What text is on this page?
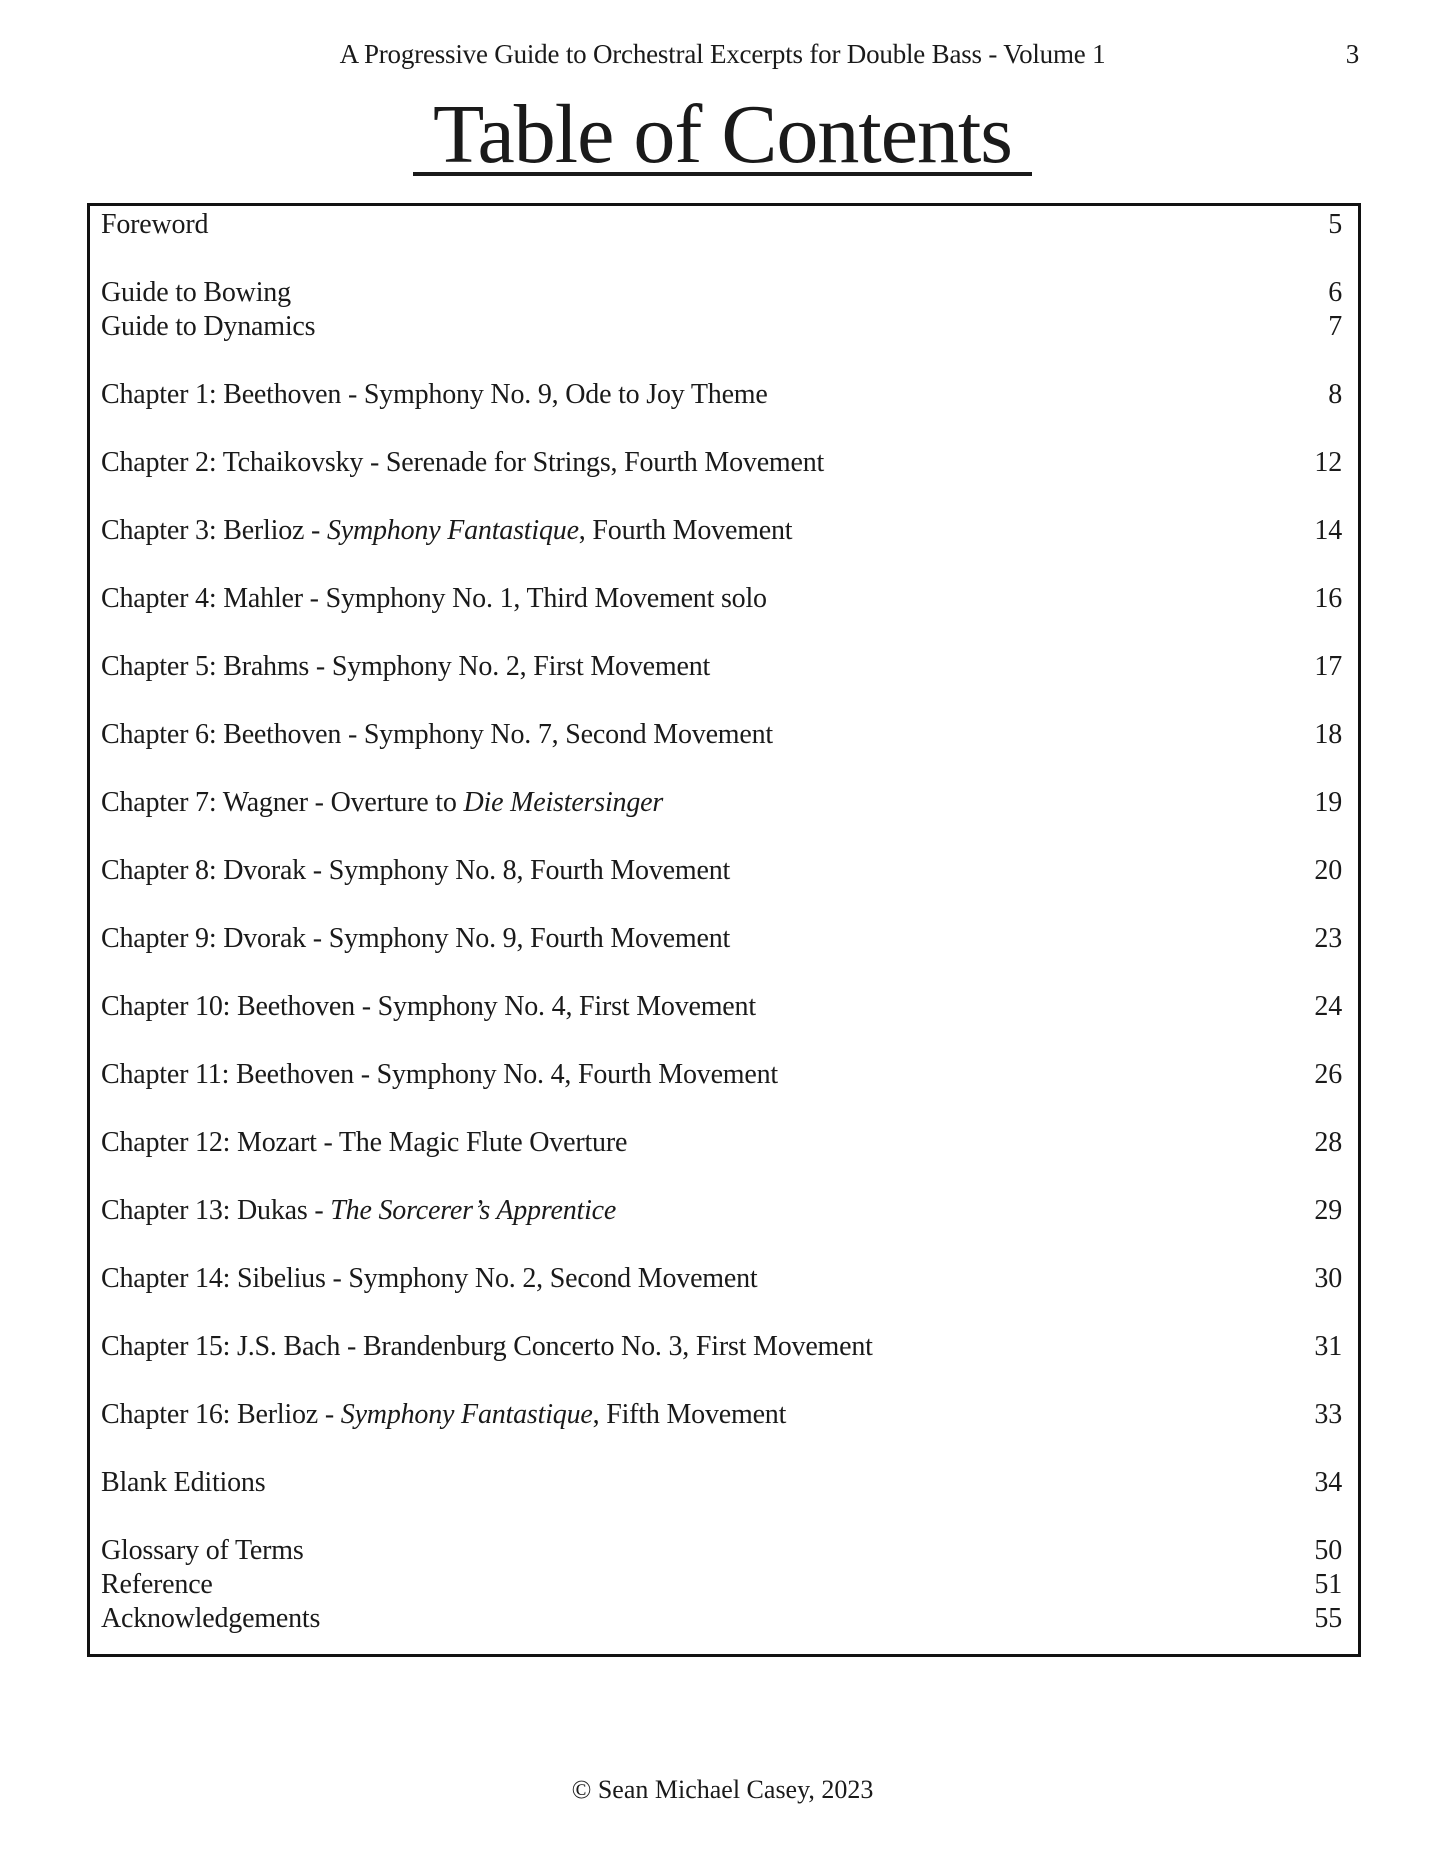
A Progressive Guide to Orchestral Excerpts for Double Bass - Volume 1	3
Table of Contents
Foreword	5
Guide to Bowing	6
Guide to Dynamics	7
Chapter 1: Beethoven - Symphony No. 9, Ode to Joy Theme	8
Chapter 2: Tchaikovsky - Serenade for Strings, Fourth Movement	12
Chapter 3: Berlioz - Symphony Fantastique, Fourth Movement	14
Chapter 4: Mahler - Symphony No. 1, Third Movement solo	16
Chapter 5: Brahms - Symphony No. 2, First Movement	17
Chapter 6: Beethoven - Symphony No. 7, Second Movement	18
Chapter 7: Wagner - Overture to Die Meistersinger	19
Chapter 8: Dvorak - Symphony No. 8, Fourth Movement	20
Chapter 9: Dvorak - Symphony No. 9, Fourth Movement	23
Chapter 10: Beethoven - Symphony No. 4, First Movement	24
Chapter 11: Beethoven - Symphony No. 4, Fourth Movement	26
Chapter 12: Mozart - The Magic Flute Overture	28
Chapter 13: Dukas - The Sorcerer’s Apprentice	29
Chapter 14: Sibelius - Symphony No. 2, Second Movement	30
Chapter 15: J.S. Bach - Brandenburg Concerto No. 3, First Movement	31
Chapter 16: Berlioz - Symphony Fantastique, Fifth Movement	33
Blank Editions	34
Glossary of Terms	50
Reference	51
Acknowledgements	55
© Sean Michael Casey, 2023
